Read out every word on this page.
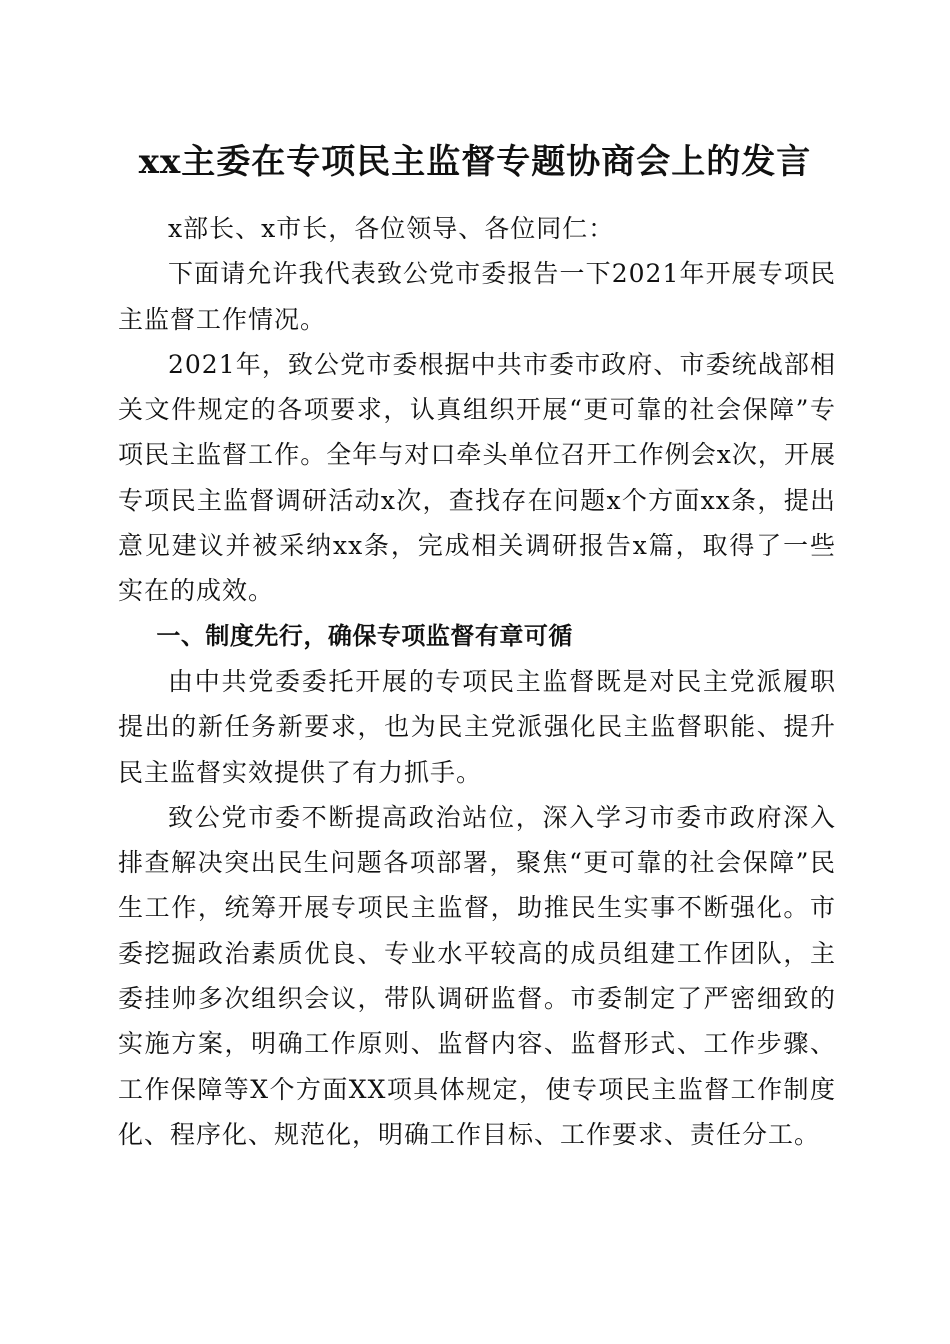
xx主委在专项民主监督专题协商会上的发言

x部长、x市长，各位领导、各位同仁：

下面请允许我代表致公党市委报告一下2021年开展专项民主监督工作情况。

2021年，致公党市委根据中共市委市政府、市委统战部相关文件规定的各项要求，认真组织开展“更可靠的社会保障”专项民主监督工作。全年与对口牵头单位召开工作例会x次，开展专项民主监督调研活动x次，查找存在问题x个方面xx条，提出意见建议并被采纳xx条，完成相关调研报告x篇，取得了一些实在的成效。

一、制度先行，确保专项监督有章可循

由中共党委委托开展的专项民主监督既是对民主党派履职提出的新任务新要求，也为民主党派强化民主监督职能、提升民主监督实效提供了有力抓手。

致公党市委不断提高政治站位，深入学习市委市政府深入排查解决突出民生问题各项部署，聚焦“更可靠的社会保障”民生工作，统筹开展专项民主监督，助推民生实事不断强化。市委挖掘政治素质优良、专业水平较高的成员组建工作团队，主委挂帅多次组织会议，带队调研监督。市委制定了严密细致的实施方案，明确工作原则、监督内容、监督形式、工作步骤、工作保障等X个方面XX项具体规定，使专项民主监督工作制度化、程序化、规范化，明确工作目标、工作要求、责任分工。
